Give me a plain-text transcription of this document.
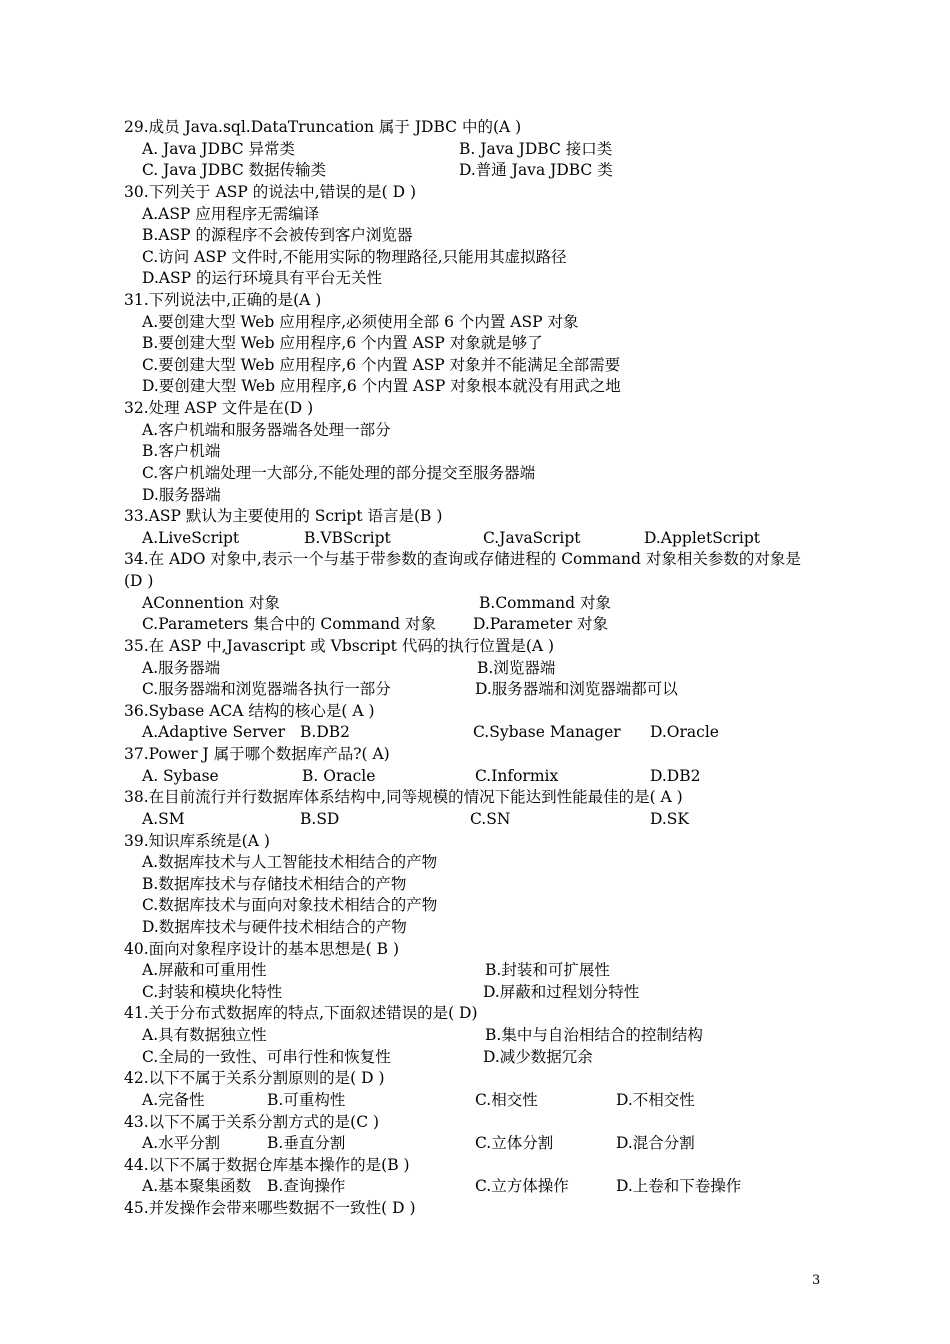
29.成员 Java.sql.DataTruncation 属于 JDBC 中的(A )
A. Java JDBC 异常类	B. Java JDBC 接口类
C. Java JDBC 数据传输类	D.普通 Java JDBC 类
30.下列关于 ASP 的说法中,错误的是( D )
A.ASP 应用程序无需编译
B.ASP 的源程序不会被传到客户浏览器
C.访问 ASP 文件时,不能用实际的物理路径,只能用其虚拟路径
D.ASP 的运行环境具有平台无关性
31.下列说法中,正确的是(A )
A.要创建大型 Web 应用程序,必须使用全部 6 个内置 ASP 对象
B.要创建大型 Web 应用程序,6 个内置 ASP 对象就是够了
C.要创建大型 Web 应用程序,6 个内置 ASP 对象并不能满足全部需要
D.要创建大型 Web 应用程序,6 个内置 ASP 对象根本就没有用武之地
32.处理 ASP 文件是在(D )
A.客户机端和服务器端各处理一部分
B.客户机端
C.客户机端处理一大部分,不能处理的部分提交至服务器端
D.服务器端
33.ASP 默认为主要使用的 Script 语言是(B )
A.LiveScript	B.VBScript	C.JavaScript	D.AppletScript
34.在 ADO 对象中,表示一个与基于带参数的查询或存储进程的 Command 对象相关参数的对象是
(D )
AConnention 对象	B.Command 对象
C.Parameters 集合中的 Command 对象 D.Parameter 对象
35.在 ASP 中,Javascript 或 Vbscript 代码的执行位置是(A )
A.服务器端	B.浏览器端
C.服务器端和浏览器端各执行一部分	D.服务器端和浏览器端都可以
36.Sybase ACA 结构的核心是( A )
A.Adaptive Server B.DB2	C.Sybase Manager D.Oracle
37.Power J 属于哪个数据库产品?( A)
A. Sybase	B. Oracle	C.Informix	D.DB2
38.在目前流行并行数据库体系结构中,同等规模的情况下能达到性能最佳的是( A )
A.SM	B.SD	C.SN	D.SK
39.知识库系统是(A )
A.数据库技术与人工智能技术相结合的产物
B.数据库技术与存储技术相结合的产物
C.数据库技术与面向对象技术相结合的产物
D.数据库技术与硬件技术相结合的产物
40.面向对象程序设计的基本思想是( B )
A.屏蔽和可重用性	B.封装和可扩展性
C.封装和模块化特性	D.屏蔽和过程划分特性
41.关于分布式数据库的特点,下面叙述错误的是( D)
A.具有数据独立性	B.集中与自治相结合的控制结构
C.全局的一致性、可串行性和恢复性	D.减少数据冗余
42.以下不属于关系分割原则的是( D )
A.完备性	B.可重构性	C.相交性	D.不相交性
43.以下不属于关系分割方式的是(C )
A.水平分割	B.垂直分割	C.立体分割	D.混合分割
44.以下不属于数据仓库基本操作的是(B )
A.基本聚集函数 B.查询操作	C.立方体操作	D.上卷和下卷操作
45.并发操作会带来哪些数据不一致性( D )
3
